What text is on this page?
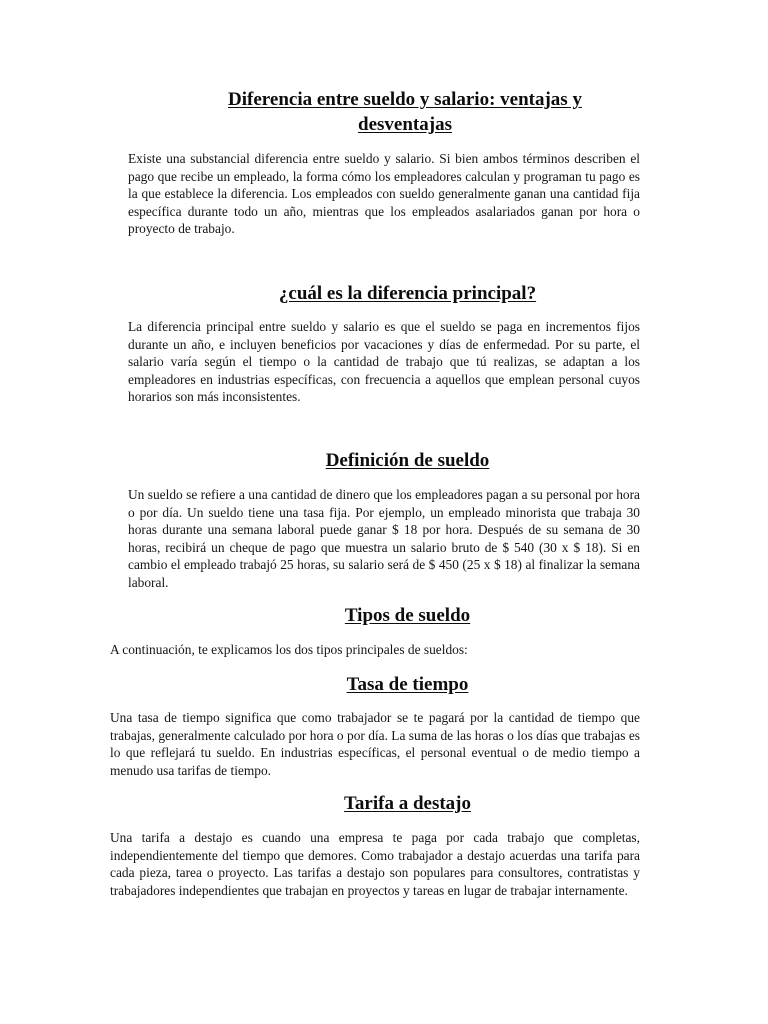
Diferencia entre sueldo y salario: ventajas y desventajas

Existe una substancial diferencia entre sueldo y salario. Si bien ambos términos describen el pago que recibe un empleado, la forma cómo los empleadores calculan y programan tu pago es la que establece la diferencia. Los empleados con sueldo generalmente ganan una cantidad fija específica durante todo un año, mientras que los empleados asalariados ganan por hora o proyecto de trabajo.

¿cuál es la diferencia principal?

La diferencia principal entre sueldo y salario es que el sueldo se paga en incrementos fijos durante un año, e incluyen beneficios por vacaciones y días de enfermedad. Por su parte, el salario varía según el tiempo o la cantidad de trabajo que tú realizas, se adaptan a los empleadores en industrias específicas, con frecuencia a aquellos que emplean personal cuyos horarios son más inconsistentes.

Definición de sueldo

Un sueldo se refiere a una cantidad de dinero que los empleadores pagan a su personal por hora o por día. Un sueldo tiene una tasa fija. Por ejemplo, un empleado minorista que trabaja 30 horas durante una semana laboral puede ganar $ 18 por hora. Después de su semana de 30 horas, recibirá un cheque de pago que muestra un salario bruto de $ 540 (30 x $ 18). Si en cambio el empleado trabajó 25 horas, su salario será de $ 450 (25 x $ 18) al finalizar la semana laboral.

Tipos de sueldo

A continuación, te explicamos los dos tipos principales de sueldos:

Tasa de tiempo

Una tasa de tiempo significa que como trabajador se te pagará por la cantidad de tiempo que trabajas, generalmente calculado por hora o por día. La suma de las horas o los días que trabajas es lo que reflejará tu sueldo. En industrias específicas, el personal eventual o de medio tiempo a menudo usa tarifas de tiempo.

Tarifa a destajo

Una tarifa a destajo es cuando una empresa te paga por cada trabajo que completas, independientemente del tiempo que demores. Como trabajador a destajo acuerdas una tarifa para cada pieza, tarea o proyecto. Las tarifas a destajo son populares para consultores, contratistas y trabajadores independientes que trabajan en proyectos y tareas en lugar de trabajar internamente.
